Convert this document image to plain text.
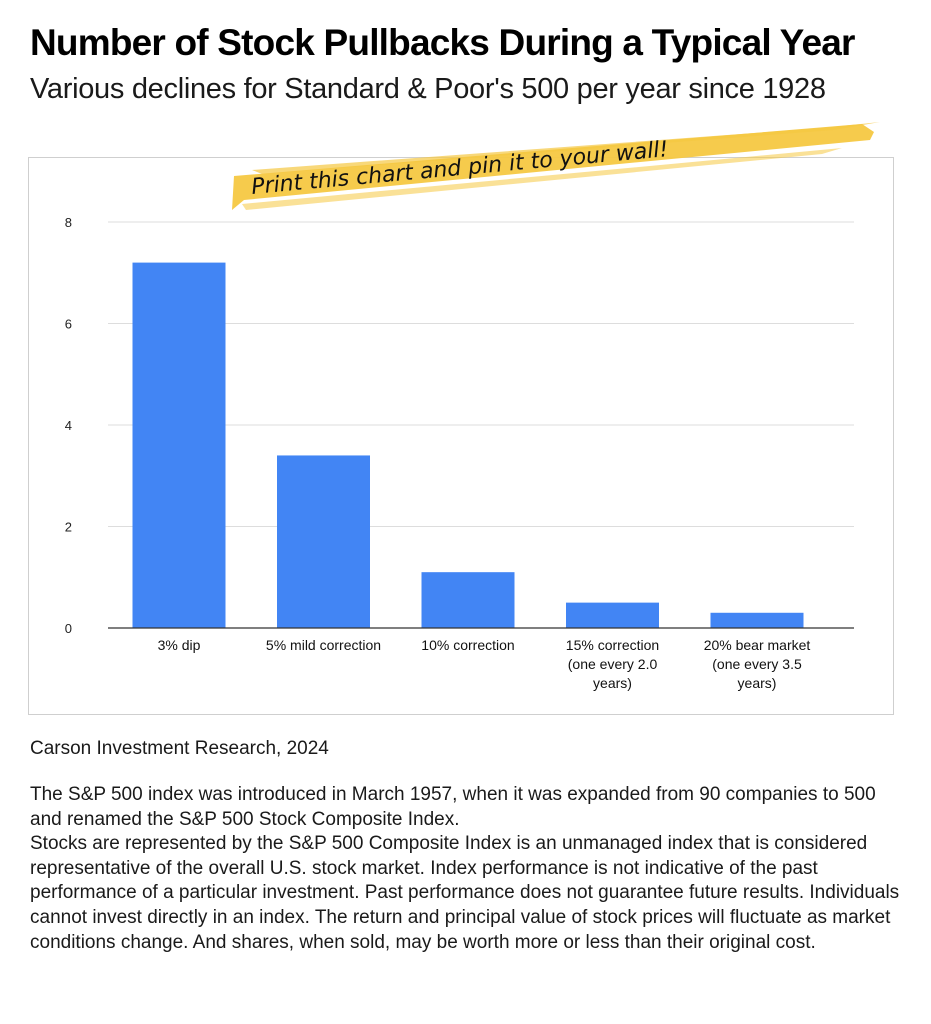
Number of Stock Pullbacks During a Typical Year
Various declines for Standard & Poor's 500 per year since 1928
0
2
4
6
8
3% dip	5% mild correction	10% correction	15% correction
(one every 2.0
years)
20% bear market
(one every 3.5
years)
Print this chart and pin it to your wall!
Carson Investment Research, 2024

The S&P 500 index was introduced in March 1957, when it was expanded from 90 companies to 500 and renamed the S&P 500 Stock Composite Index.

Stocks are represented by the S&P 500 Composite Index is an unmanaged index that is considered representative of the overall U.S. stock market. Index performance is not indicative of the past performance of a particular investment. Past performance does not guarantee future results. Individuals cannot invest directly in an index. The return and principal value of stock prices will fluctuate as market conditions change. And shares, when sold, may be worth more or less than their original cost.
